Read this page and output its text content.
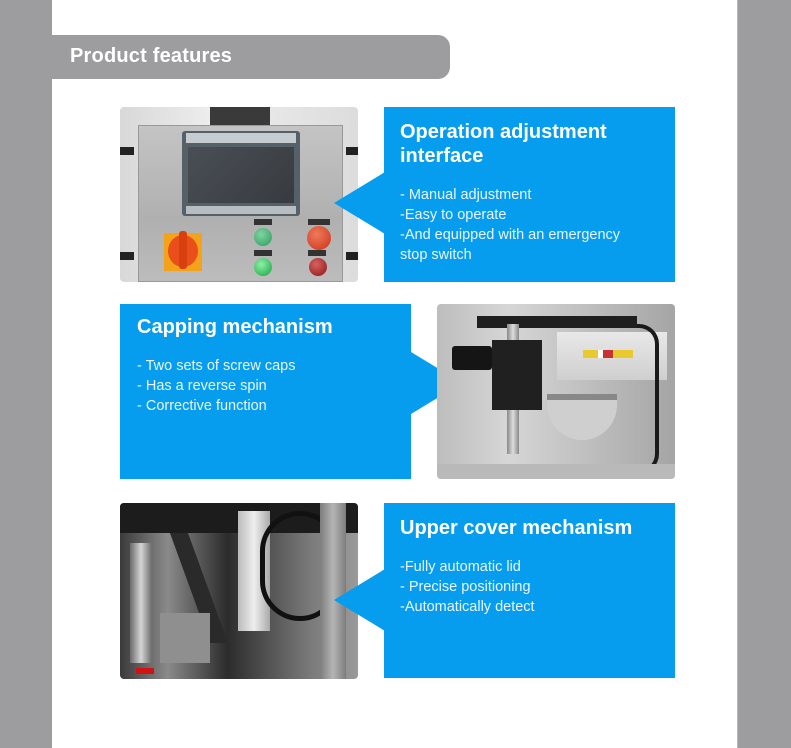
Product features
Operation adjustment
interface
- Manual adjustment
-Easy to operate
-And equipped with an emergency
stop switch
Capping mechanism
- Two sets of screw caps
- Has a reverse spin
- Corrective function
Upper cover mechanism
-Fully automatic lid
- Precise positioning
-Automatically detect
